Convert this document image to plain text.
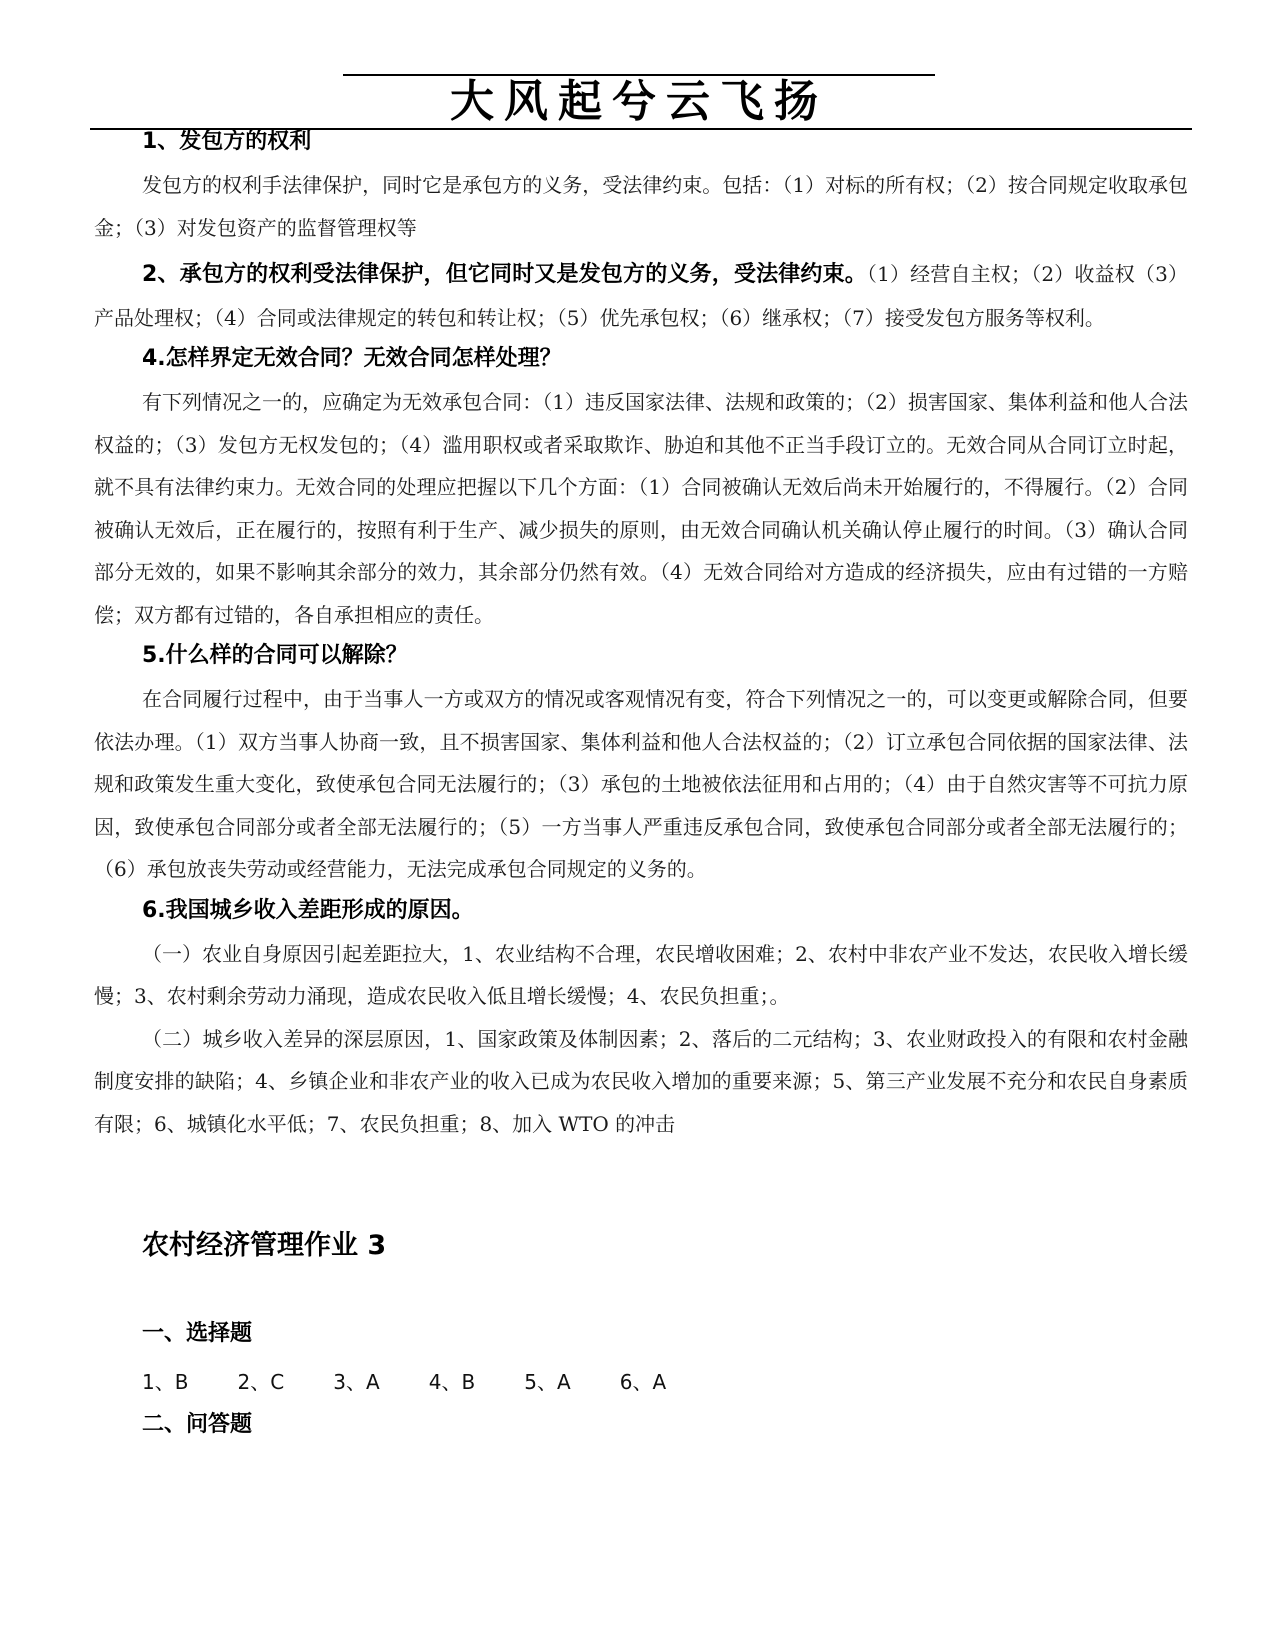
大风起兮云飞扬
1、发包方的权利

发包方的权利手法律保护，同时它是承包方的义务，受法律约束。包括：（1）对标的所有权；（2）按合同规定收取承包金；（3）对发包资产的监督管理权等

2、承包方的权利受法律保护，但它同时又是发包方的义务，受法律约束。（1）经营自主权；（2）收益权（3）产品处理权；（4）合同或法律规定的转包和转让权；（5）优先承包权；（6）继承权；（7）接受发包方服务等权利。

4.怎样界定无效合同？无效合同怎样处理？

有下列情况之一的，应确定为无效承包合同：（1）违反国家法律、法规和政策的；（2）损害国家、集体利益和他人合法权益的；（3）发包方无权发包的；（4）滥用职权或者采取欺诈、胁迫和其他不正当手段订立的。无效合同从合同订立时起，就不具有法律约束力。无效合同的处理应把握以下几个方面：（1）合同被确认无效后尚未开始履行的，不得履行。（2）合同被确认无效后，正在履行的，按照有利于生产、减少损失的原则，由无效合同确认机关确认停止履行的时间。（3）确认合同部分无效的，如果不影响其余部分的效力，其余部分仍然有效。（4）无效合同给对方造成的经济损失，应由有过错的一方赔偿；双方都有过错的，各自承担相应的责任。

5.什么样的合同可以解除？

在合同履行过程中，由于当事人一方或双方的情况或客观情况有变，符合下列情况之一的，可以变更或解除合同，但要依法办理。（1）双方当事人协商一致，且不损害国家、集体利益和他人合法权益的；（2）订立承包合同依据的国家法律、法规和政策发生重大变化，致使承包合同无法履行的；（3）承包的土地被依法征用和占用的；（4）由于自然灾害等不可抗力原因，致使承包合同部分或者全部无法履行的；（5）一方当事人严重违反承包合同，致使承包合同部分或者全部无法履行的；（6）承包放丧失劳动或经营能力，无法完成承包合同规定的义务的。

6.我国城乡收入差距形成的原因。

（一）农业自身原因引起差距拉大，1、农业结构不合理，农民增收困难；2、农村中非农产业不发达，农民收入增长缓慢；3、农村剩余劳动力涌现，造成农民收入低且增长缓慢；4、农民负担重；。

（二）城乡收入差异的深层原因，1、国家政策及体制因素；2、落后的二元结构；3、农业财政投入的有限和农村金融制度安排的缺陷；4、乡镇企业和非农产业的收入已成为农民收入增加的重要来源；5、第三产业发展不充分和农民自身素质有限；6、城镇化水平低；7、农民负担重；8、加入 WTO 的冲击

农村经济管理作业 3
一、选择题

1、B   2、C   3、A   4、B   5、A   6、A

二、问答题
